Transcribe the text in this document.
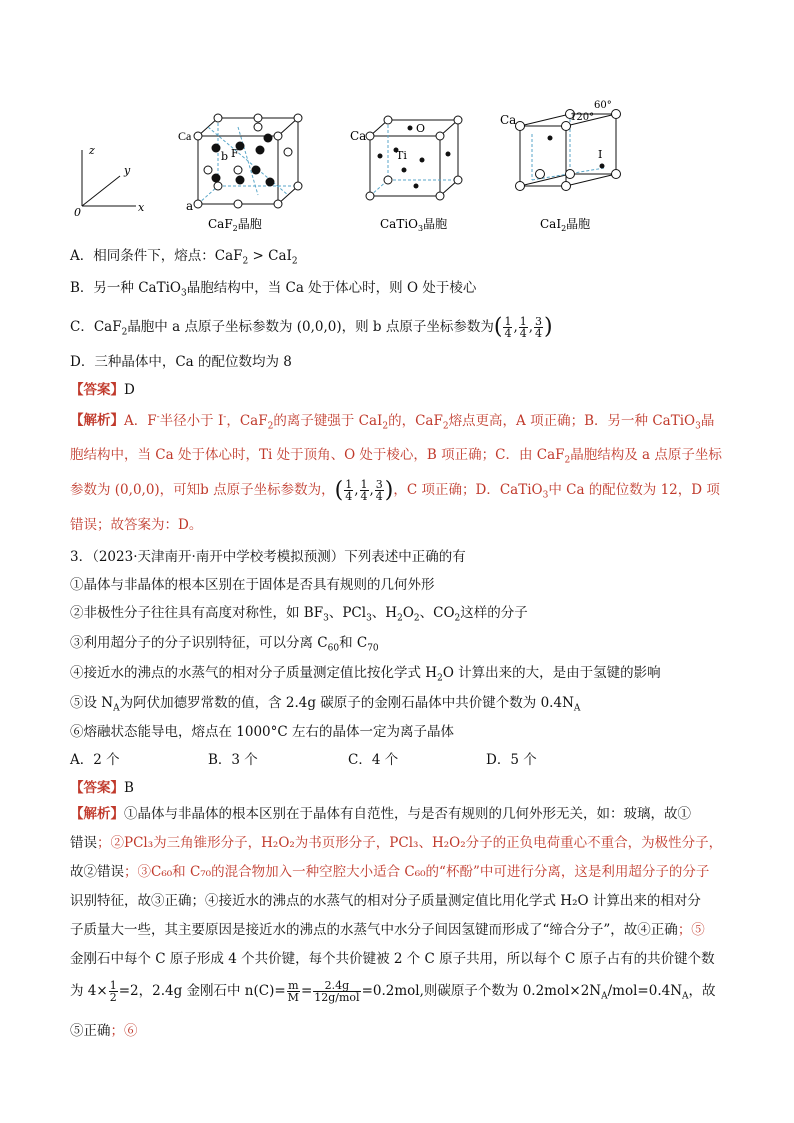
z
y
x
0
Ca
F
b
a
CaF$_2$晶胞
Ca
O
Ti
CaTiO$_3$晶胞
Ca
I
60°
120°
CaI$_2$晶胞
A．相同条件下，熔点：CaF$_2$ > CaI$_2$
B．另一种 CaTiO$_3$晶胞结构中，当 Ca 处于体心时，则 O 处于棱心
C．CaF$_2$晶胞中 a 点原子坐标参数为 (0,0,0)，则 b 点原子坐标参数为( $\frac{1}{4}$ , $\frac{1}{4}$ , $\frac{3}{4}$ )
D．三种晶体中，Ca 的配位数均为 8
【答案】D
【解析】A．F-半径小于 I-，CaF$_2$的离子键强于 CaI$_2$的，CaF$_2$熔点更高，A 项正确；B．另一种 CaTiO$_3$晶胞结构中，当 Ca 处于体心时，Ti 处于顶角、O 处于棱心，B 项正确；C．由 CaF$_2$晶胞结构及 a 点原子坐标参数为 (0,0,0)，可知b 点原子坐标参数为，( $\frac{1}{4}$ , $\frac{1}{4}$ , $\frac{3}{4}$ )，C 项正确；D．CaTiO$_3$中 Ca 的配位数为 12，D 项错误；故答案为：D。
3．（2023·天津南开·南开中学校考模拟预测）下列表述中正确的有
①晶体与非晶体的根本区别在于固体是否具有规则的几何外形
②非极性分子往往具有高度对称性，如 $BF_3$、PCl$_3$、$H_2O_2$、$CO_2$这样的分子
③利用超分子的分子识别特征，可以分离 $C_{60}$和 $C_{70}$
④接近水的沸点的水蒸气的相对分子质量测定值比按化学式 $H_2O$ 计算出来的大，是由于氢键的影响
⑤设 $N_A$为阿伏加德罗常数的值，含 2.4g 碳原子的金刚石晶体中共价键个数为 $0.4N_A$
⑥熔融状态能导电，熔点在 1000°C 左右的晶体一定为离子晶体
A．2 个	B．3 个	C．4 个	D．5 个
【答案】B
【解析】①晶体与非晶体的根本区别在于晶体有自范性，与是否有规则的几何外形无关，如：玻璃，故①
错误；②PCl₃为三角锥形分子，H₂O₂为书页形分子，PCl₃、H₂O₂分子的正负电荷重心不重合，为极性分子，
故②错误；③C₆₀和 C₇₀的混合物加入一种空腔大小适合 C₆₀的“杯酚”中可进行分离，这是利用超分子的分子
识别特征，故③正确；④接近水的沸点的水蒸气的相对分子质量测定值比用化学式 H₂O 计算出来的相对分
子质量大一些，其主要原因是接近水的沸点的水蒸气中水分子间因氢键而形成了“缔合分子”，故④正确；⑤
金刚石中每个 C 原子形成 4 个共价键，每个共价键被 2 个 C 原子共用，所以每个 C 原子占有的共价键个数
为 $4\times \frac{1}{2} =2$，2.4g 金刚石中 $n(C)= \frac{m}{M} = \frac{2.4g}{\text{12g/mol}} =0.2mol$,则碳原子个数为 $0.2mol\times 2N_A/mol=0.4N_A$，故⑤正确；⑥
